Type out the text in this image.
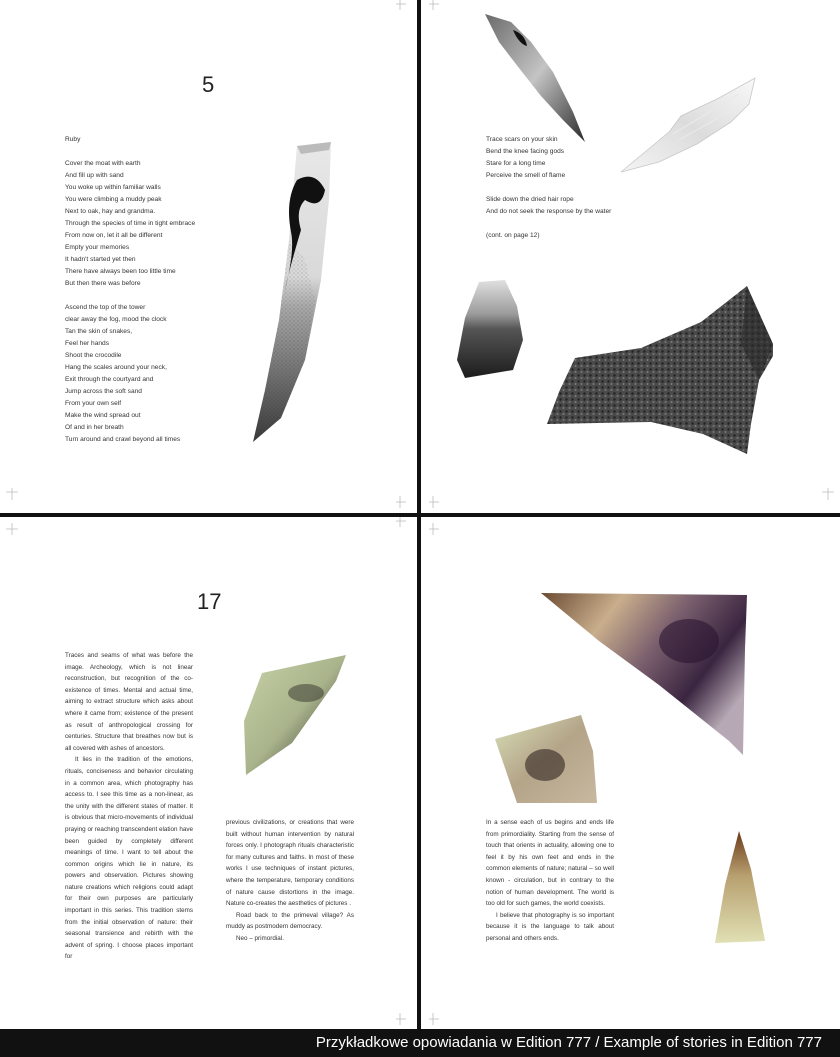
5
Ruby
Cover the moat with earth
And fill up with sand
You woke up within familiar walls
You were climbing a muddy peak
Next to oak, hay and grandma.
Through the species of time in tight embrace
From now on, let it all be different
Empty your memories
It hadn't started yet then
There have always been too little time
But then there was before
Ascend the top of the tower
clear away the fog, mood the clock
Tan the skin of snakes,
Feel her hands
Shoot the crocodile
Hang the scales around your neck,
Exit through the courtyard and
Jump across the soft sand
From your own self
Make the wind spread out
Of and in her breath
Turn around and crawl beyond all times
Trace scars on your skin
Bend the knee facing gods
Stare for a long time
Perceive the smell of flame
Slide down the dried hair rope
And do not seek the response by the water
(cont. on page 12)
17

Traces and seams of what was before the image. Archeology, which is not linear reconstruction, but recognition of the co-existence of times. Mental and actual time, aiming to extract structure which asks about where it came from; existence of the present as result of anthropological crossing for centuries. Structure that breathes now but is all covered with ashes of ancestors.

It lies in the tradition of the emotions, rituals, conciseness and behavior circulating in a common area, which photography has access to. I see this time as a non-linear, as the unity with the different states of matter. It is obvious that micro-movements of individual praying or reaching transcendent elation have been guided by completely different meanings of time. I want to tell about the common origins which lie in nature, its powers and observation. Pictures showing nature creations which religions could adapt for their own purposes are particularly important in this series. This tradition stems from the initial observation of nature: their seasonal transience and rebirth with the advent of spring. I choose places important for

previous civilizations, or creations that were built without human intervention by natural forces only. I photograph rituals characteristic for many cultures and faiths. In most of these works I use techniques of instant pictures, where the temperature, temporary conditions of nature cause distortions in the image. Nature co-creates the aesthetics of pictures .

Road back to the primeval village? As muddy as postmodern democracy.

Neo – primordial.

In a sense each of us begins and ends life from primordiality. Starting from the sense of touch that orients in actuality, allowing one to feel it by his own feet and ends in the common elements of nature; natural – so well known - circulation, but in contrary to the notion of human development. The world is too old for such games, the world coexists.

I believe that photography is so important because it is the language to talk about personal and others ends.

Przykładkowe opowiadania w Edition 777 / Example of stories in Edition 777
